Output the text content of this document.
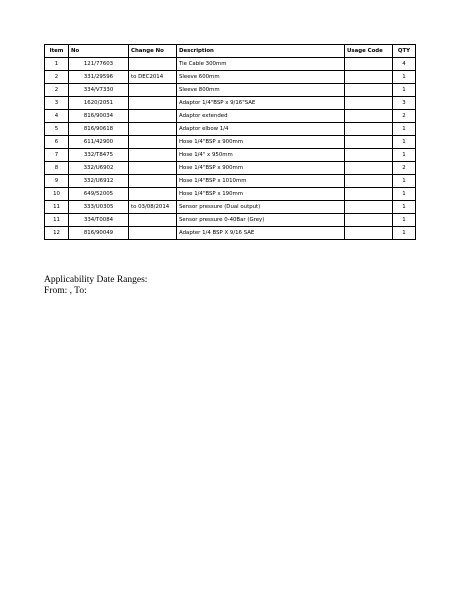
Item	No	Change No	Description	Usage Code	QTY
1	121/77603		Tie Cable 300mm		4
2	331/29596	to DEC2014	Sleeve 600mm		1
2	334/V7330		Sleeve 800mm		1
3	1620/2051		Adaptor 1/4"BSP x 9/16"SAE		3
4	816/90034		Adaptor extended		2
5	816/90618		Adaptor elbow 1/4		1
6	611/42900		Hose 1/4"BSP x 900mm		1
7	332/T8475		Hose 1/4" x 950mm		1
8	332/U6902		Hose 1/4"BSP x 900mm		2
9	332/U6912		Hose 1/4"BSP x 1010mm		1
10	649/52005		Hose 1/4"BSP x 190mm		1
11	333/U0305	to 03/08/2014	Sensor pressure (Dual output)		1
11	334/T0084		Sensor pressure 0-40Bar (Grey)		1
12	816/90049		Adapter 1/4 BSP X 9/16 SAE		1
Applicability Date Ranges:
From: , To:
